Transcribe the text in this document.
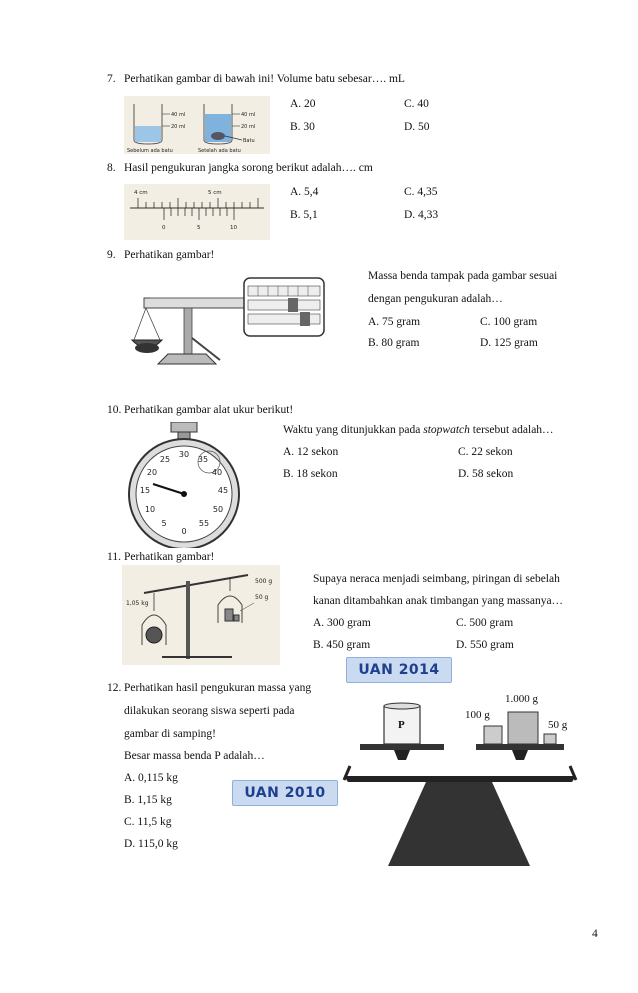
7. Perhatikan gambar di bawah ini! Volume batu sebesar…. mL
40 ml
20 ml
40 ml
20 ml
Batu
Sebelum ada batu	Setelah ada batu
A. 20	C. 40
B. 30	D. 50
8. Hasil pengukuran jangka sorong berikut adalah…. cm
4 cm	5 cm
0	5	10
A. 5,4	C. 4,35
B. 5,1	D. 4,33
9. Perhatikan gambar!
Massa benda tampak pada gambar sesuai
dengan pengukuran adalah…
A. 75 gram	C. 100 gram
B. 80 gram	D. 125 gram
10. Perhatikan gambar alat ukur berikut!
30
25	35
20	40
15	45
10	50
5	55
0
Waktu yang ditunjukkan pada stopwatch tersebut adalah…
A. 12 sekon	C. 22 sekon
B. 18 sekon	D. 58 sekon
11. Perhatikan gambar!
1,05 kg
500 g
50 g
Supaya neraca menjadi seimbang, piringan di sebelah
kanan ditambahkan anak timbangan yang massanya…
A. 300 gram	C. 500 gram
B. 450 gram	D. 550 gram
UAN 2014
12. Perhatikan hasil pengukuran massa yang
dilakukan seorang siswa seperti pada
gambar di samping!
Besar massa benda P adalah…
A. 0,115 kg
B. 1,15 kg
C. 11,5 kg
D. 115,0 kg
UAN 2010
P
1.000 g
100 g
50 g
4
